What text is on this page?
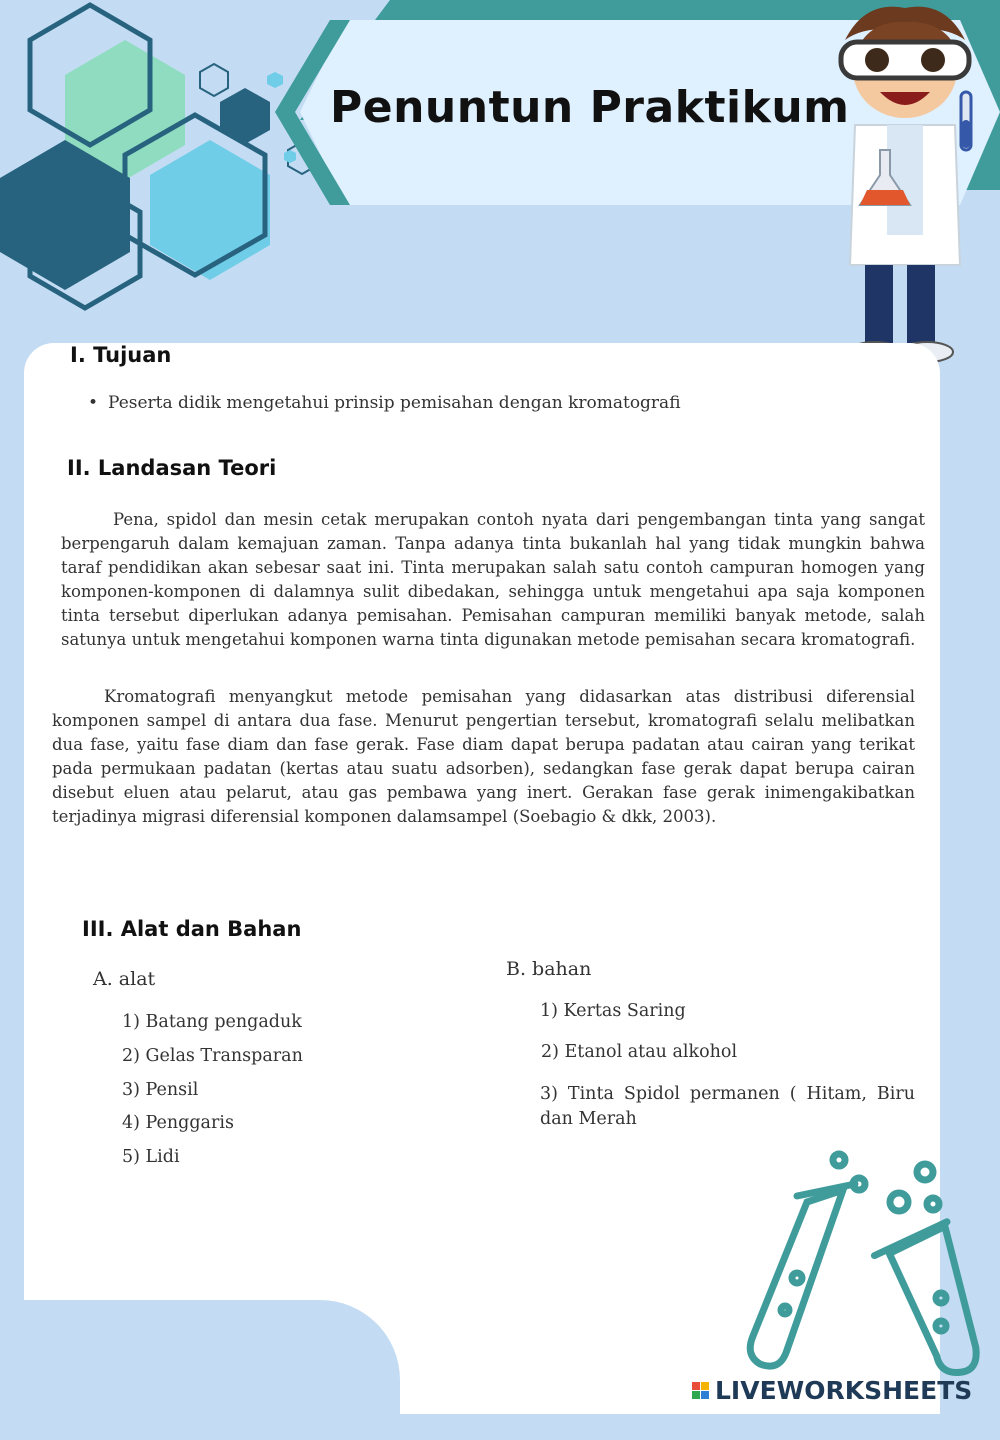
Penuntun Praktikum
I. Tujuan
• Peserta didik mengetahui prinsip pemisahan dengan kromatografi
II. Landasan Teori
Pena, spidol dan mesin cetak merupakan contoh nyata dari pengembangan tinta yang sangat berpengaruh dalam kemajuan zaman. Tanpa adanya tinta bukanlah hal yang tidak mungkin bahwa taraf pendidikan akan sebesar saat ini. Tinta merupakan salah satu contoh campuran homogen yang komponen-komponen di dalamnya sulit dibedakan, sehingga untuk mengetahui apa saja komponen tinta tersebut diperlukan adanya pemisahan. Pemisahan campuran memiliki banyak metode, salah satunya untuk mengetahui komponen warna tinta digunakan metode pemisahan secara kromatografi.
Kromatografi menyangkut metode pemisahan yang didasarkan atas distribusi diferensial komponen sampel di antara dua fase. Menurut pengertian tersebut, kromatografi selalu melibatkan dua fase, yaitu fase diam dan fase gerak. Fase diam dapat berupa padatan atau cairan yang terikat pada permukaan padatan (kertas atau suatu adsorben), sedangkan fase gerak dapat berupa cairan disebut eluen atau pelarut, atau gas pembawa yang inert. Gerakan fase gerak inimengakibatkan terjadinya migrasi diferensial komponen dalamsampel (Soebagio & dkk, 2003).
III. Alat dan Bahan
A. alat
1) Batang pengaduk
2) Gelas Transparan
3) Pensil
4) Penggaris
5) Lidi
B. bahan
1) Kertas Saring
2) Etanol atau alkohol
3) Tinta Spidol permanen ( Hitam, Biru dan Merah
LIVEWORKSHEETS
